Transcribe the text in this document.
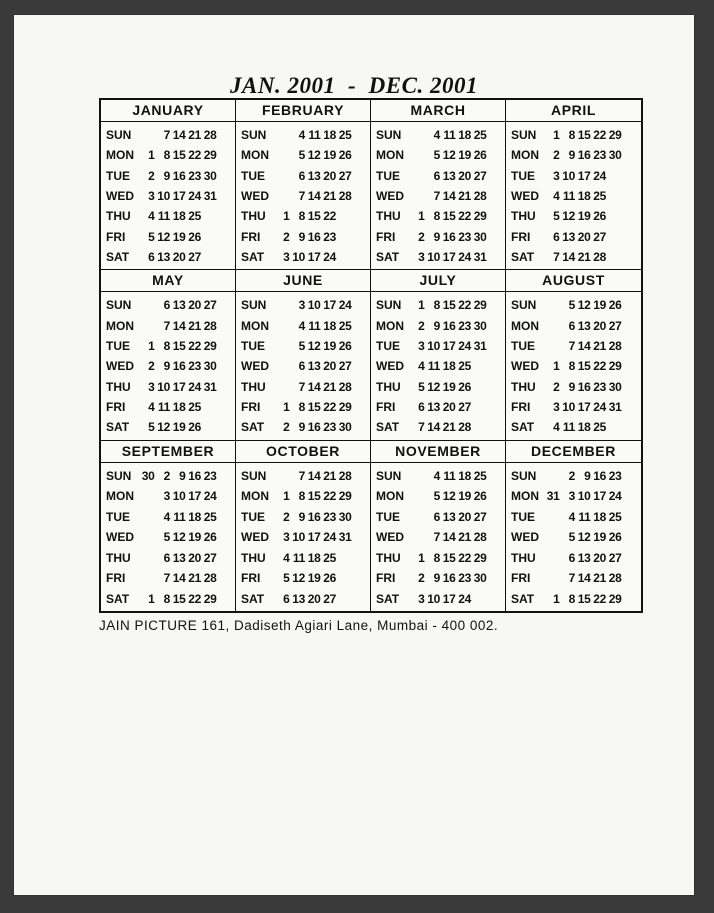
JAN. 2001  -  DEC. 2001
JANUARY
SUN	7 14 21 28
MON	1 8 15 22 29
TUE	2 9 16 23 30
WED	3 10 17 24 31
THU	4 11 18 25
FRI	5 12 19 26
SAT	6 13 20 27
FEBRUARY
SUN	4 11 18 25
MON	5 12 19 26
TUE	6 13 20 27
WED	7 14 21 28
THU	1 8 15 22
FRI	2 9 16 23
SAT	3 10 17 24
MARCH
SUN	4 11 18 25
MON	5 12 19 26
TUE	6 13 20 27
WED	7 14 21 28
THU	1 8 15 22 29
FRI	2 9 16 23 30
SAT	3 10 17 24 31
APRIL
SUN	1 8 15 22 29
MON	2 9 16 23 30
TUE	3 10 17 24
WED	4 11 18 25
THU	5 12 19 26
FRI	6 13 20 27
SAT	7 14 21 28
MAY
SUN	6 13 20 27
MON	7 14 21 28
TUE	1 8 15 22 29
WED	2 9 16 23 30
THU	3 10 17 24 31
FRI	4 11 18 25
SAT	5 12 19 26
JUNE
SUN	3 10 17 24
MON	4 11 18 25
TUE	5 12 19 26
WED	6 13 20 27
THU	7 14 21 28
FRI	1 8 15 22 29
SAT	2 9 16 23 30
JULY
SUN	1 8 15 22 29
MON	2 9 16 23 30
TUE	3 10 17 24 31
WED	4 11 18 25
THU	5 12 19 26
FRI	6 13 20 27
SAT	7 14 21 28
AUGUST
SUN	5 12 19 26
MON	6 13 20 27
TUE	7 14 21 28
WED	1 8 15 22 29
THU	2 9 16 23 30
FRI	3 10 17 24 31
SAT	4 11 18 25
SEPTEMBER
SUN 30 2 9 16 23
MON	3 10 17 24
TUE	4 11 18 25
WED	5 12 19 26
THU	6 13 20 27
FRI	7 14 21 28
SAT	1 8 15 22 29
OCTOBER
SUN	7 14 21 28
MON	1 8 15 22 29
TUE	2 9 16 23 30
WED	3 10 17 24 31
THU	4 11 18 25
FRI	5 12 19 26
SAT	6 13 20 27
NOVEMBER
SUN	4 11 18 25
MON	5 12 19 26
TUE	6 13 20 27
WED	7 14 21 28
THU	1 8 15 22 29
FRI	2 9 16 23 30
SAT	3 10 17 24
DECEMBER
SUN	2 9 16 23
MON 31 3 10 17 24
TUE	4 11 18 25
WED	5 12 19 26
THU	6 13 20 27
FRI	7 14 21 28
SAT	1 8 15 22 29
JAIN PICTURE 161, Dadiseth Agiari Lane, Mumbai - 400 002.
